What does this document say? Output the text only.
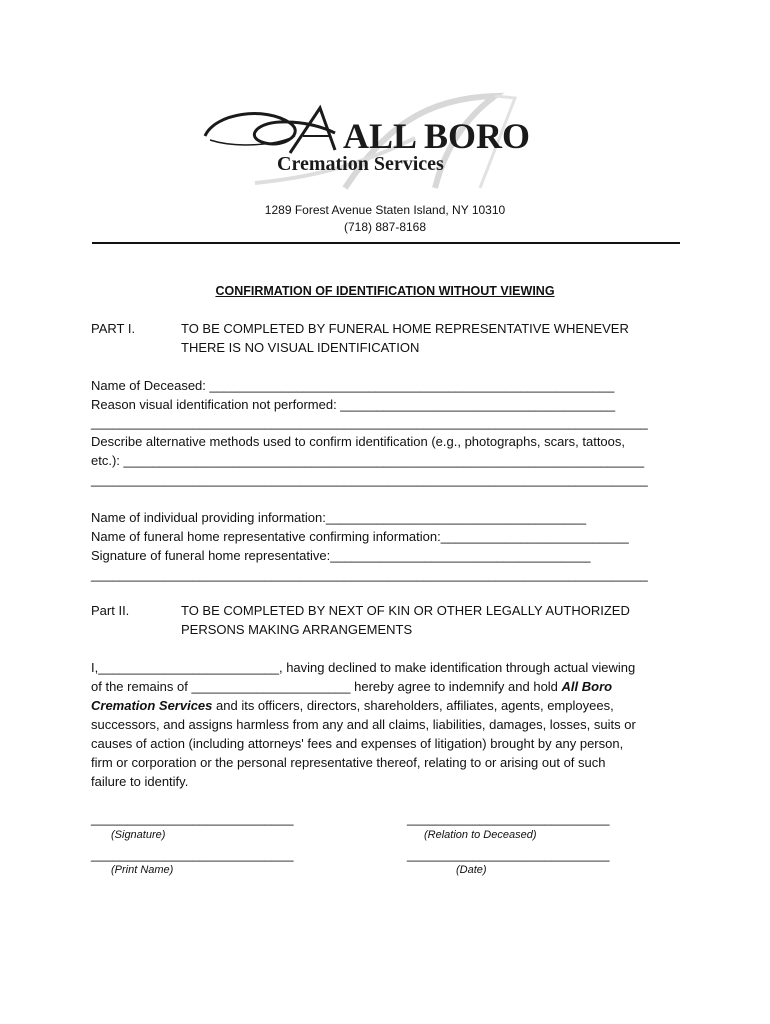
ALL BORO
Cremation Services
1289 Forest Avenue Staten Island, NY 10310
(718) 887-8168
CONFIRMATION OF IDENTIFICATION WITHOUT VIEWING
PART I.	TO BE COMPLETED BY FUNERAL HOME REPRESENTATIVE WHENEVER
THERE IS NO VISUAL IDENTIFICATION
Name of Deceased: ________________________________________________________
Reason visual identification not performed: ______________________________________
_____________________________________________________________________________
Describe alternative methods used to confirm identification (e.g., photographs, scars, tattoos,
etc.): ________________________________________________________________________
_____________________________________________________________________________
Name of individual providing information:____________________________________
Name of funeral home representative confirming information:__________________________
Signature of funeral home representative:____________________________________
_____________________________________________________________________________
Part II.	TO BE COMPLETED BY NEXT OF KIN OR OTHER LEGALLY AUTHORIZED
PERSONS MAKING ARRANGEMENTS
I,_________________________, having declined to make identification through actual viewing
of the remains of ______________________ hereby agree to indemnify and hold All Boro
Cremation Services and its officers, directors, shareholders, affiliates, agents, employees,
successors, and assigns harmless from any and all claims, liabilities, damages, losses, suits or
causes of action (including attorneys' fees and expenses of litigation) brought by any person,
firm or corporation or the personal representative thereof, relating to or arising out of such
failure to identify.
____________________________	____________________________
(Signature)	(Relation to Deceased)
____________________________	____________________________
(Print Name)	(Date)
